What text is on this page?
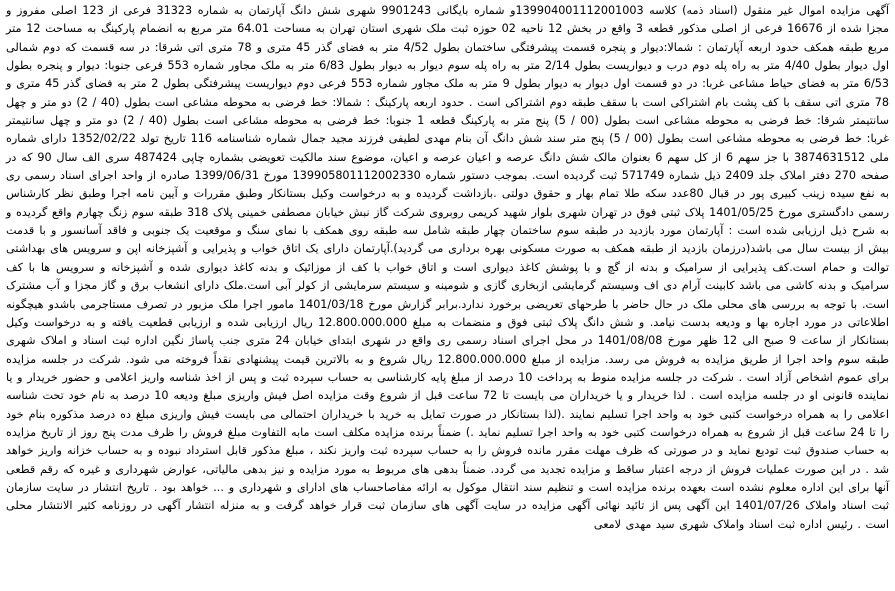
آگهی مزایده اموال غیر منقول (اسناد ذمه) کلاسه 139904001112001003و شماره بایگانی 9901243 شهری شش دانگ آپارتمان به شماره 31323 فرعی از 123 اصلی مفروز و مجزا شده از 16676 فرعی از اصلی مذکور قطعه 3 واقع در بخش 12 ناحیه 02 حوزه ثبت ملک شهری استان تهران به مساحت 64.01 متر مربع به انضمام پارکینگ به مساحت 12 متر مربع طبقه همکف حدود اربعه آپارتمان : شمالا:دیوار و پنجره قسمت پیشرفتگی ساختمان بطول 4/52 متر به فضای گذر 45 متری و 78 متری اتی شرقا: در سه قسمت که دوم شمالی اول دیوار بطول 4/40 متر به راه پله دوم درب و دیواریست بطول 2/14 متر به راه پله سوم دیوار به دیوار بطول 6/83 متر به ملک مجاور شماره 553 فرعی جنوبا: دیوار و پنجره بطول 6/53 متر به فضای حیاط مشاعی غربا: در دو قسمت اول دیوار به دیوار بطول 9 متر به ملک مجاور شماره 553 فرعی دوم دیواریست پیشرفتگی بطول 2 متر به فضای گذر 45 متری و 78 متری اتی سقف با کف پشت بام اشتراکی است با سقف طبقه دوم اشتراکی است . حدود اربعه پارکینگ : شمالا: خط فرضی به محوطه مشاعی است بطول (40 / 2) دو متر و چهل سانتیمتر شرقا: خط فرضی به محوطه مشاعی است بطول (00 / 5) پنج متر به پارکینگ قطعه 1 جنوبا: خط فرضی به محوطه مشاعی است بطول (40 / 2) دو متر و چهل سانتیمتر غربا: خط فرضی به محوطه مشاعی است بطول (00 / 5) پنج متر سند شش دانگ آن بنام مهدی لطیفی فرزند مجید جمال شماره شناسنامه 116 تاریخ تولد 1352/02/22 دارای شماره ملی 3874631512 با جز سهم 6 از کل سهم 6 بعنوان مالک شش دانگ عرصه و اعیان عرصه و اعیان، موضوع سند مالکیت تعویضی بشماره چاپی 487424 سری الف سال 90 که در صفحه 270 دفتر املاک جلد 2409 ذیل شماره 571749 ثبت گردیده است. بموجب دستور شماره 13990580111200233‌0 مورخ 1399/06/31 صادره از واحد اجرای اسناد رسمی ری به نفع سیده زینب کبیری پور در قبال 80عدد سکه طلا تمام بهار و حقوق دولتی .بازداشت گردیده و به درخواست وکیل بستانکار وطبق مقررات و آیین نامه اجرا وطبق نظر کارشناس رسمی دادگستری مورخ 1401/05/25 پلاک ثبتی فوق در تهران شهری بلوار شهید کریمی روبروی شرکت گاز نبش خیابان مصطفی خمینی پلاک 318 طبقه سوم زنگ چهارم واقع گردیده و به شرح ذیل ارزیابی شده است : آپارتمان مورد بازدید در طبقه سوم ساختمان چهار طبقه شامل سه طبقه روی همکف با نمای سنگ و موقعیت یک جنوبی و فاقد آسانسور و با قدمت بیش از بیست سال می باشد(درزمان بازدید از طبقه همکف به صورت مسکونی بهره برداری می گردید).آپارتمان دارای یک اتاق خواب و پذیرایی و آشپزخانه اپن و سرویس های بهداشتی توالت و حمام است.کف پذیرایی از سرامیک و بدنه از گچ و با پوشش کاغذ دیواری است و اتاق خواب با کف از موزائیک و بدنه کاغذ دیواری شده و آشپزخانه و سرویس ها با کف سرامیک و بدنه کاشی می باشد کابینت آرام دی اف وسیستم گرمایشی ازبخاری گازی و شومینه و سیستم سرمایشی از کولر آبی است.ملک دارای انشعاب برق و گاز مجزا و آب مشترک است. با توجه به بررسی های محلی ملک در حال حاضر با طرحهای تعریضی برخورد ندارد.برابر گزارش مورخ 1401/03/18 مامور اجرا ملک مزبور در تصرف مستاجرمی باشدو هیچگونه اطلاعاتی در مورد اجاره بها و ودیعه بدست نیامد. و شش دانگ پلاک ثبتی فوق و منضمات به مبلغ 12.800.000.000 ریال ارزیابی شده و ارزیابی قطعیت یافته و به درخواست وکیل بستانکار از ساعت 9 صبح الی 12 ظهر مورخ 1401/08/08 در محل اجرای اسناد رسمی ری واقع در شهری ابتدای خیابان 24 متری جنب پاساژ نگین اداره ثبت اسناد و املاک شهری طبقه سوم واحد اجرا از طریق مزایده به فروش می رسد. مزایده از مبلغ 12.800.000.000 ریال شروع و به بالاترین قیمت پیشنهادی نقداً فروخته می شود. شرکت در جلسه مزایده برای عموم اشخاص آزاد است . شرکت در جلسه مزایده منوط به پرداخت 10 درصد از مبلغ پایه کارشناسی به حساب سپرده ثبت و پس از اخذ شناسه واریز اعلامی و حضور خریدار و یا نماینده قانونی او در جلسه مزایده است . لذا خریدار و یا خریداران می بایست تا 72 ساعت قبل از شروع وقت مزایده اصل فیش واریزی مبلغ ودیعه 10 درصد به نام خود تحت شناسه اعلامی را به همراه درخواست کتبی خود به واحد اجرا تسلیم نمایند .(لذا بستانکار در صورت تمایل به خرید با خریداران احتمالی می بایست فیش واریزی مبلغ ده درصد مذکوره بنام خود را تا 24 ساعت قبل از شروع به همراه درخواست کتبی خود به واحد اجرا تسلیم نماید .) ضمناً برنده مزایده مکلف است مابه التفاوت مبلغ فروش را ظرف مدت پنج روز از تاریخ مزایده به حساب صندوق ثبت تودیع نماید و در صورتی که ظرف مهلت مقرر مانده فروش را به حساب سپرده ثبت واریز نکند ، مبلغ مذکور قابل استرداد نبوده و به حساب خزانه واریز خواهد شد . در این صورت عملیات فروش از درجه اعتبار ساقط و مزایده تجدید می گردد. ضمناً بدهی های مربوط به مورد مزایده و نیز بدهی مالیاتی، عوارض شهرداری و غیره که رقم قطعی آنها برای این اداره معلوم نشده است بعهده برنده مزایده است و تنظیم سند انتقال موکول به ارائه مفاصاحساب های ادارای و شهرداری و ... خواهد بود . تاریخ انتشار در سایت سازمان ثبت اسناد واملاک 1401/07/26 این آگهی پس از تائید نهائی آگهی مزایده در سایت آگهی های سازمان ثبت قرار خواهد گرفت و به منزله انتشار آگهی در روزنامه کثیر الانتشار محلی است . رئیس اداره ثبت اسناد واملاک شهری سید مهدی لامعی
